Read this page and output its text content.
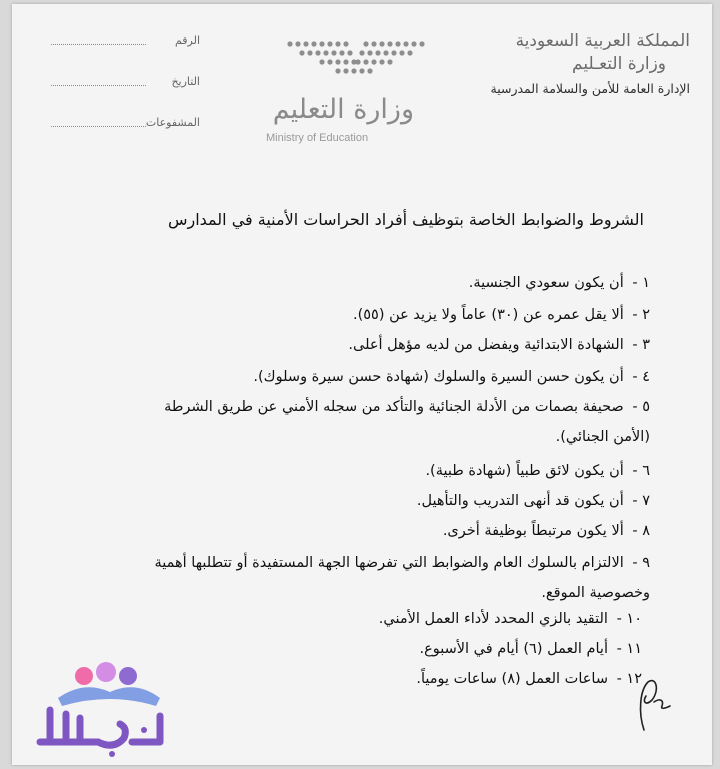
المملكة العربية السعودية
وزارة التعـليم
الإدارة العامة للأمن والسلامة المدرسية
وزارة التعليم
Ministry of Education
الرقم
التاريخ
المشفوعات
الشروط والضوابط الخاصة بتوظيف أفراد الحراسات الأمنية في المدارس
١ - أن يكون سعودي الجنسية.
٢ - ألا يقل عمره عن (٣٠) عاماً ولا يزيد عن (٥٥).
٣ - الشهادة الابتدائية ويفضل من لديه مؤهل أعلى.
٤ - أن يكون حسن السيرة والسلوك (شهادة حسن سيرة وسلوك).
٥ - صحيفة بصمات من الأدلة الجنائية والتأكد من سجله الأمني عن طريق الشرطة
(الأمن الجنائي).
٦ - أن يكون لائق طبياً (شهادة طبية).
٧ - أن يكون قد أنهى التدريب والتأهيل.
٨ - ألا يكون مرتبطاً بوظيفة أخرى.
٩ - الالتزام بالسلوك العام والضوابط التي تفرضها الجهة المستفيدة أو تتطلبها أهمية
وخصوصية الموقع.
١٠ - التقيد بالزي المحدد لأداء العمل الأمني.
١١ - أيام العمل (٦) أيام في الأسبوع.
١٢ - ساعات العمل (٨) ساعات يومياً.
